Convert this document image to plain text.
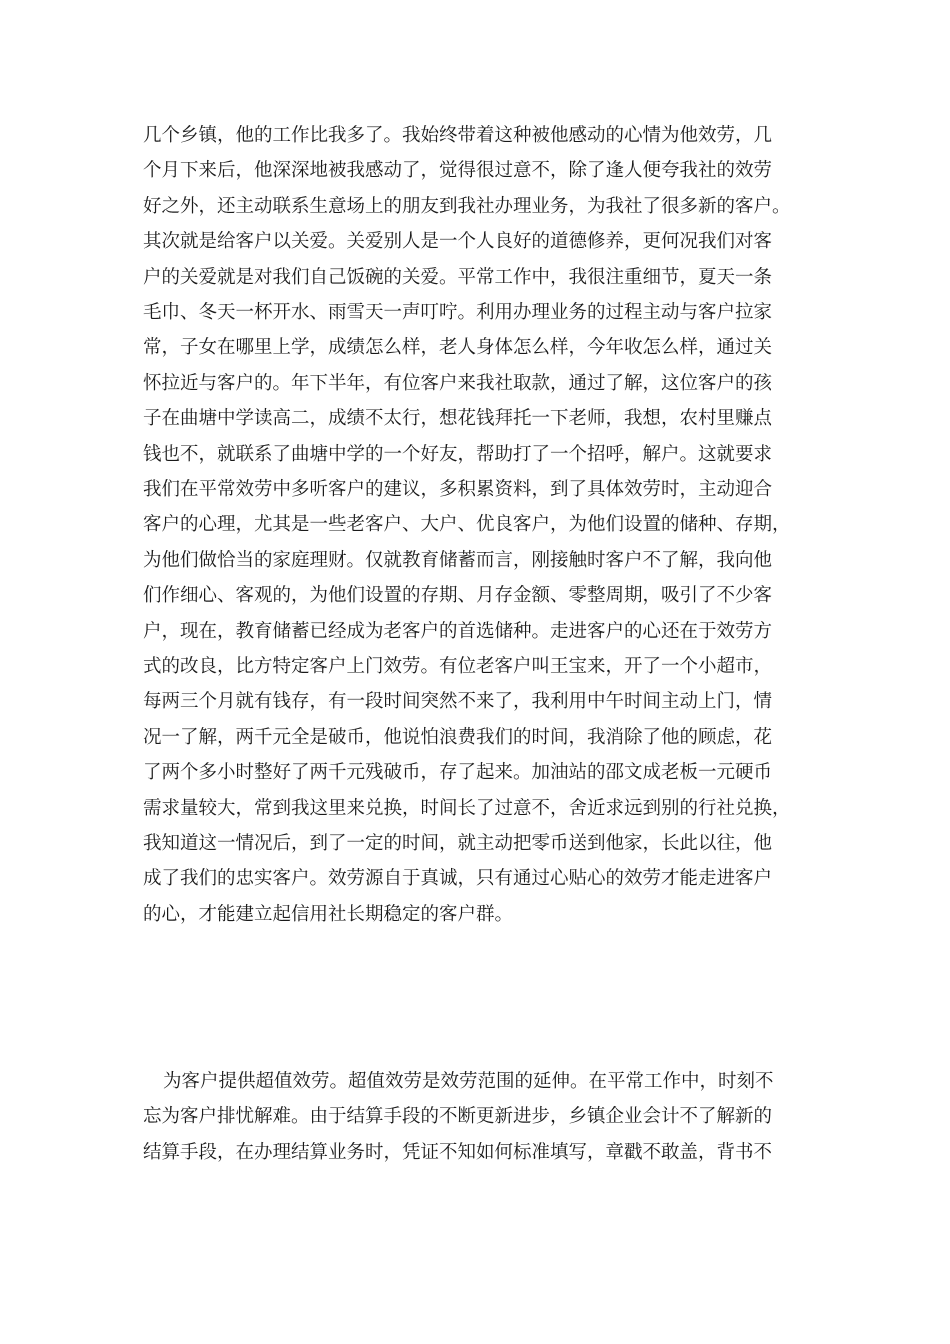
几个乡镇，他的工作比我多了。我始终带着这种被他感动的心情为他效劳，几
个月下来后，他深深地被我感动了，觉得很过意不，除了逢人便夸我社的效劳
好之外，还主动联系生意场上的朋友到我社办理业务，为我社了很多新的客户。
其次就是给客户以关爱。关爱别人是一个人良好的道德修养，更何况我们对客
户的关爱就是对我们自己饭碗的关爱。平常工作中，我很注重细节，夏天一条
毛巾、冬天一杯开水、雨雪天一声叮咛。利用办理业务的过程主动与客户拉家
常，子女在哪里上学，成绩怎么样，老人身体怎么样，今年收怎么样，通过关
怀拉近与客户的。年下半年，有位客户来我社取款，通过了解，这位客户的孩
子在曲塘中学读高二，成绩不太行，想花钱拜托一下老师，我想，农村里赚点
钱也不，就联系了曲塘中学的一个好友，帮助打了一个招呼，解户。这就要求
我们在平常效劳中多听客户的建议，多积累资料，到了具体效劳时，主动迎合
客户的心理，尤其是一些老客户、大户、优良客户，为他们设置的储种、存期，
为他们做恰当的家庭理财。仅就教育储蓄而言，刚接触时客户不了解，我向他
们作细心、客观的，为他们设置的存期、月存金额、零整周期，吸引了不少客
户，现在，教育储蓄已经成为老客户的首选储种。走进客户的心还在于效劳方
式的改良，比方特定客户上门效劳。有位老客户叫王宝来，开了一个小超市，
每两三个月就有钱存，有一段时间突然不来了，我利用中午时间主动上门，情
况一了解，两千元全是破币，他说怕浪费我们的时间，我消除了他的顾虑，花
了两个多小时整好了两千元残破币，存了起来。加油站的邵文成老板一元硬币
需求量较大，常到我这里来兑换，时间长了过意不，舍近求远到别的行社兑换，
我知道这一情况后，到了一定的时间，就主动把零币送到他家，长此以往，他
成了我们的忠实客户。效劳源自于真诚，只有通过心贴心的效劳才能走进客户
的心，才能建立起信用社长期稳定的客户群。
为客户提供超值效劳。超值效劳是效劳范围的延伸。在平常工作中，时刻不
忘为客户排忧解难。由于结算手段的不断更新进步，乡镇企业会计不了解新的
结算手段，在办理结算业务时，凭证不知如何标准填写，章戳不敢盖，背书不
